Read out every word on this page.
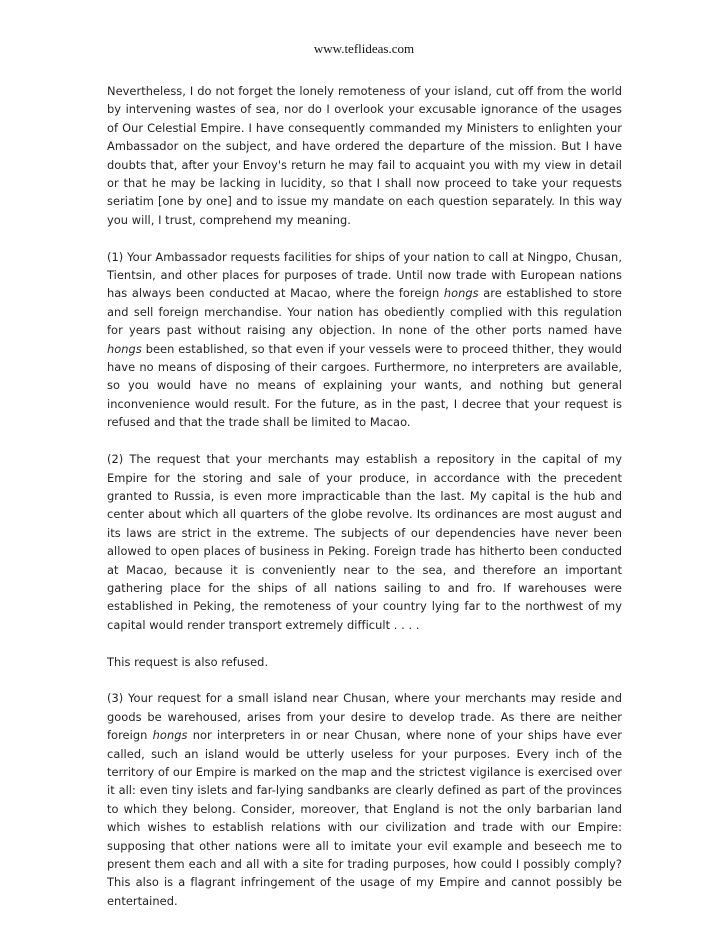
www.teflideas.com

Nevertheless, I do not forget the lonely remoteness of your island, cut off from the world by intervening wastes of sea, nor do I overlook your excusable ignorance of the usages of Our Celestial Empire. I have consequently commanded my Ministers to enlighten your Ambassador on the subject, and have ordered the departure of the mission. But I have doubts that, after your Envoy's return he may fail to acquaint you with my view in detail or that he may be lacking in lucidity, so that I shall now proceed to take your requests seriatim [one by one] and to issue my mandate on each question separately. In this way you will, I trust, comprehend my meaning.

(1) Your Ambassador requests facilities for ships of your nation to call at Ningpo, Chusan, Tientsin, and other places for purposes of trade. Until now trade with European nations has always been conducted at Macao, where the foreign hongs are established to store and sell foreign merchandise. Your nation has obediently complied with this regulation for years past without raising any objection. In none of the other ports named have hongs been established, so that even if your vessels were to proceed thither, they would have no means of disposing of their cargoes. Furthermore, no interpreters are available, so you would have no means of explaining your wants, and nothing but general inconvenience would result. For the future, as in the past, I decree that your request is refused and that the trade shall be limited to Macao.

(2) The request that your merchants may establish a repository in the capital of my Empire for the storing and sale of your produce, in accordance with the precedent granted to Russia, is even more impracticable than the last. My capital is the hub and center about which all quarters of the globe revolve. Its ordinances are most august and its laws are strict in the extreme. The subjects of our dependencies have never been allowed to open places of business in Peking. Foreign trade has hitherto been conducted at Macao, because it is conveniently near to the sea, and therefore an important gathering place for the ships of all nations sailing to and fro. If warehouses were established in Peking, the remoteness of your country lying far to the northwest of my capital would render transport extremely difficult . . . .

This request is also refused.

(3) Your request for a small island near Chusan, where your merchants may reside and goods be warehoused, arises from your desire to develop trade. As there are neither foreign hongs nor interpreters in or near Chusan, where none of your ships have ever called, such an island would be utterly useless for your purposes. Every inch of the territory of our Empire is marked on the map and the strictest vigilance is exercised over it all: even tiny islets and far-lying sandbanks are clearly defined as part of the provinces to which they belong. Consider, moreover, that England is not the only barbarian land which wishes to establish relations with our civilization and trade with our Empire: supposing that other nations were all to imitate your evil example and beseech me to present them each and all with a site for trading purposes, how could I possibly comply? This also is a flagrant infringement of the usage of my Empire and cannot possibly be entertained.
